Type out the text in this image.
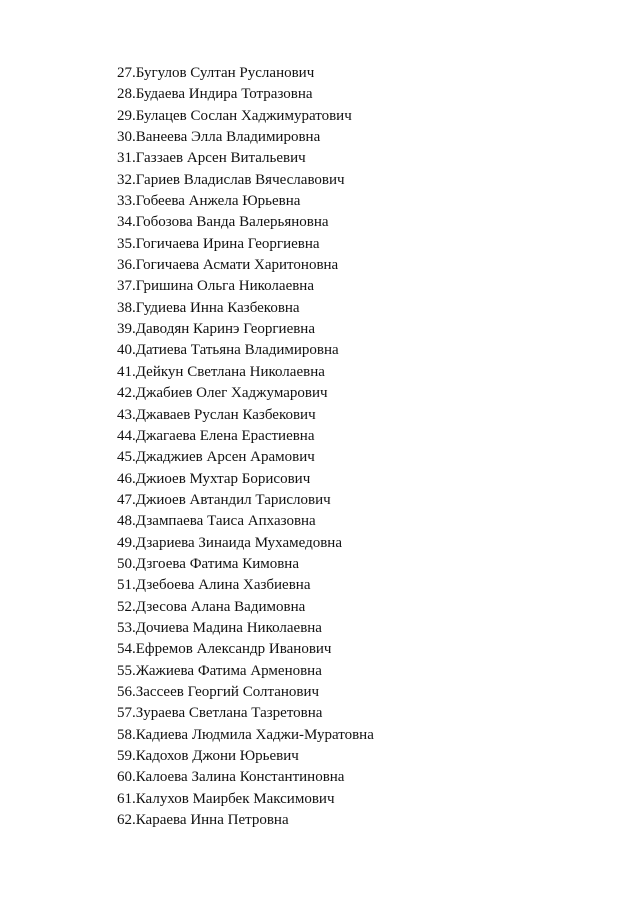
27.Бугулов Султан Русланович
28.Будаева Индира Тотразовна
29.Булацев Сослан Хаджимуратович
30.Ванеева Элла Владимировна
31.Газзаев Арсен Витальевич
32.Гариев Владислав Вячеславович
33.Гобеева Анжела Юрьевна
34.Гобозова Ванда Валерьяновна
35.Гогичаева Ирина Георгиевна
36.Гогичаева Асмати Харитоновна
37.Гришина Ольга Николаевна
38.Гудиева Инна Казбековна
39.Даводян Каринэ Георгиевна
40.Датиева Татьяна Владимировна
41.Дейкун Светлана Николаевна
42.Джабиев Олег Хаджумарович
43.Джаваев Руслан Казбекович
44.Джагаева Елена Ерастиевна
45.Джаджиев Арсен Арамович
46.Джиоев Мухтар Борисович
47.Джиоев Автандил Тарислович
48.Дзампаева Таиса Апхазовна
49.Дзариева Зинаида Мухамедовна
50.Дзгоева Фатима Кимовна
51.Дзебоева Алина Хазбиевна
52.Дзесова Алана Вадимовна
53.Дочиева Мадина Николаевна
54.Ефремов Александр Иванович
55.Жажиева Фатима Арменовна
56.Зассеев Георгий Солтанович
57.Зураева Светлана Тазретовна
58.Кадиева Людмила Хаджи-Муратовна
59.Кадохов Джони Юрьевич
60.Калоева Залина Константиновна
61.Калухов Маирбек Максимович
62.Караева Инна Петровна
